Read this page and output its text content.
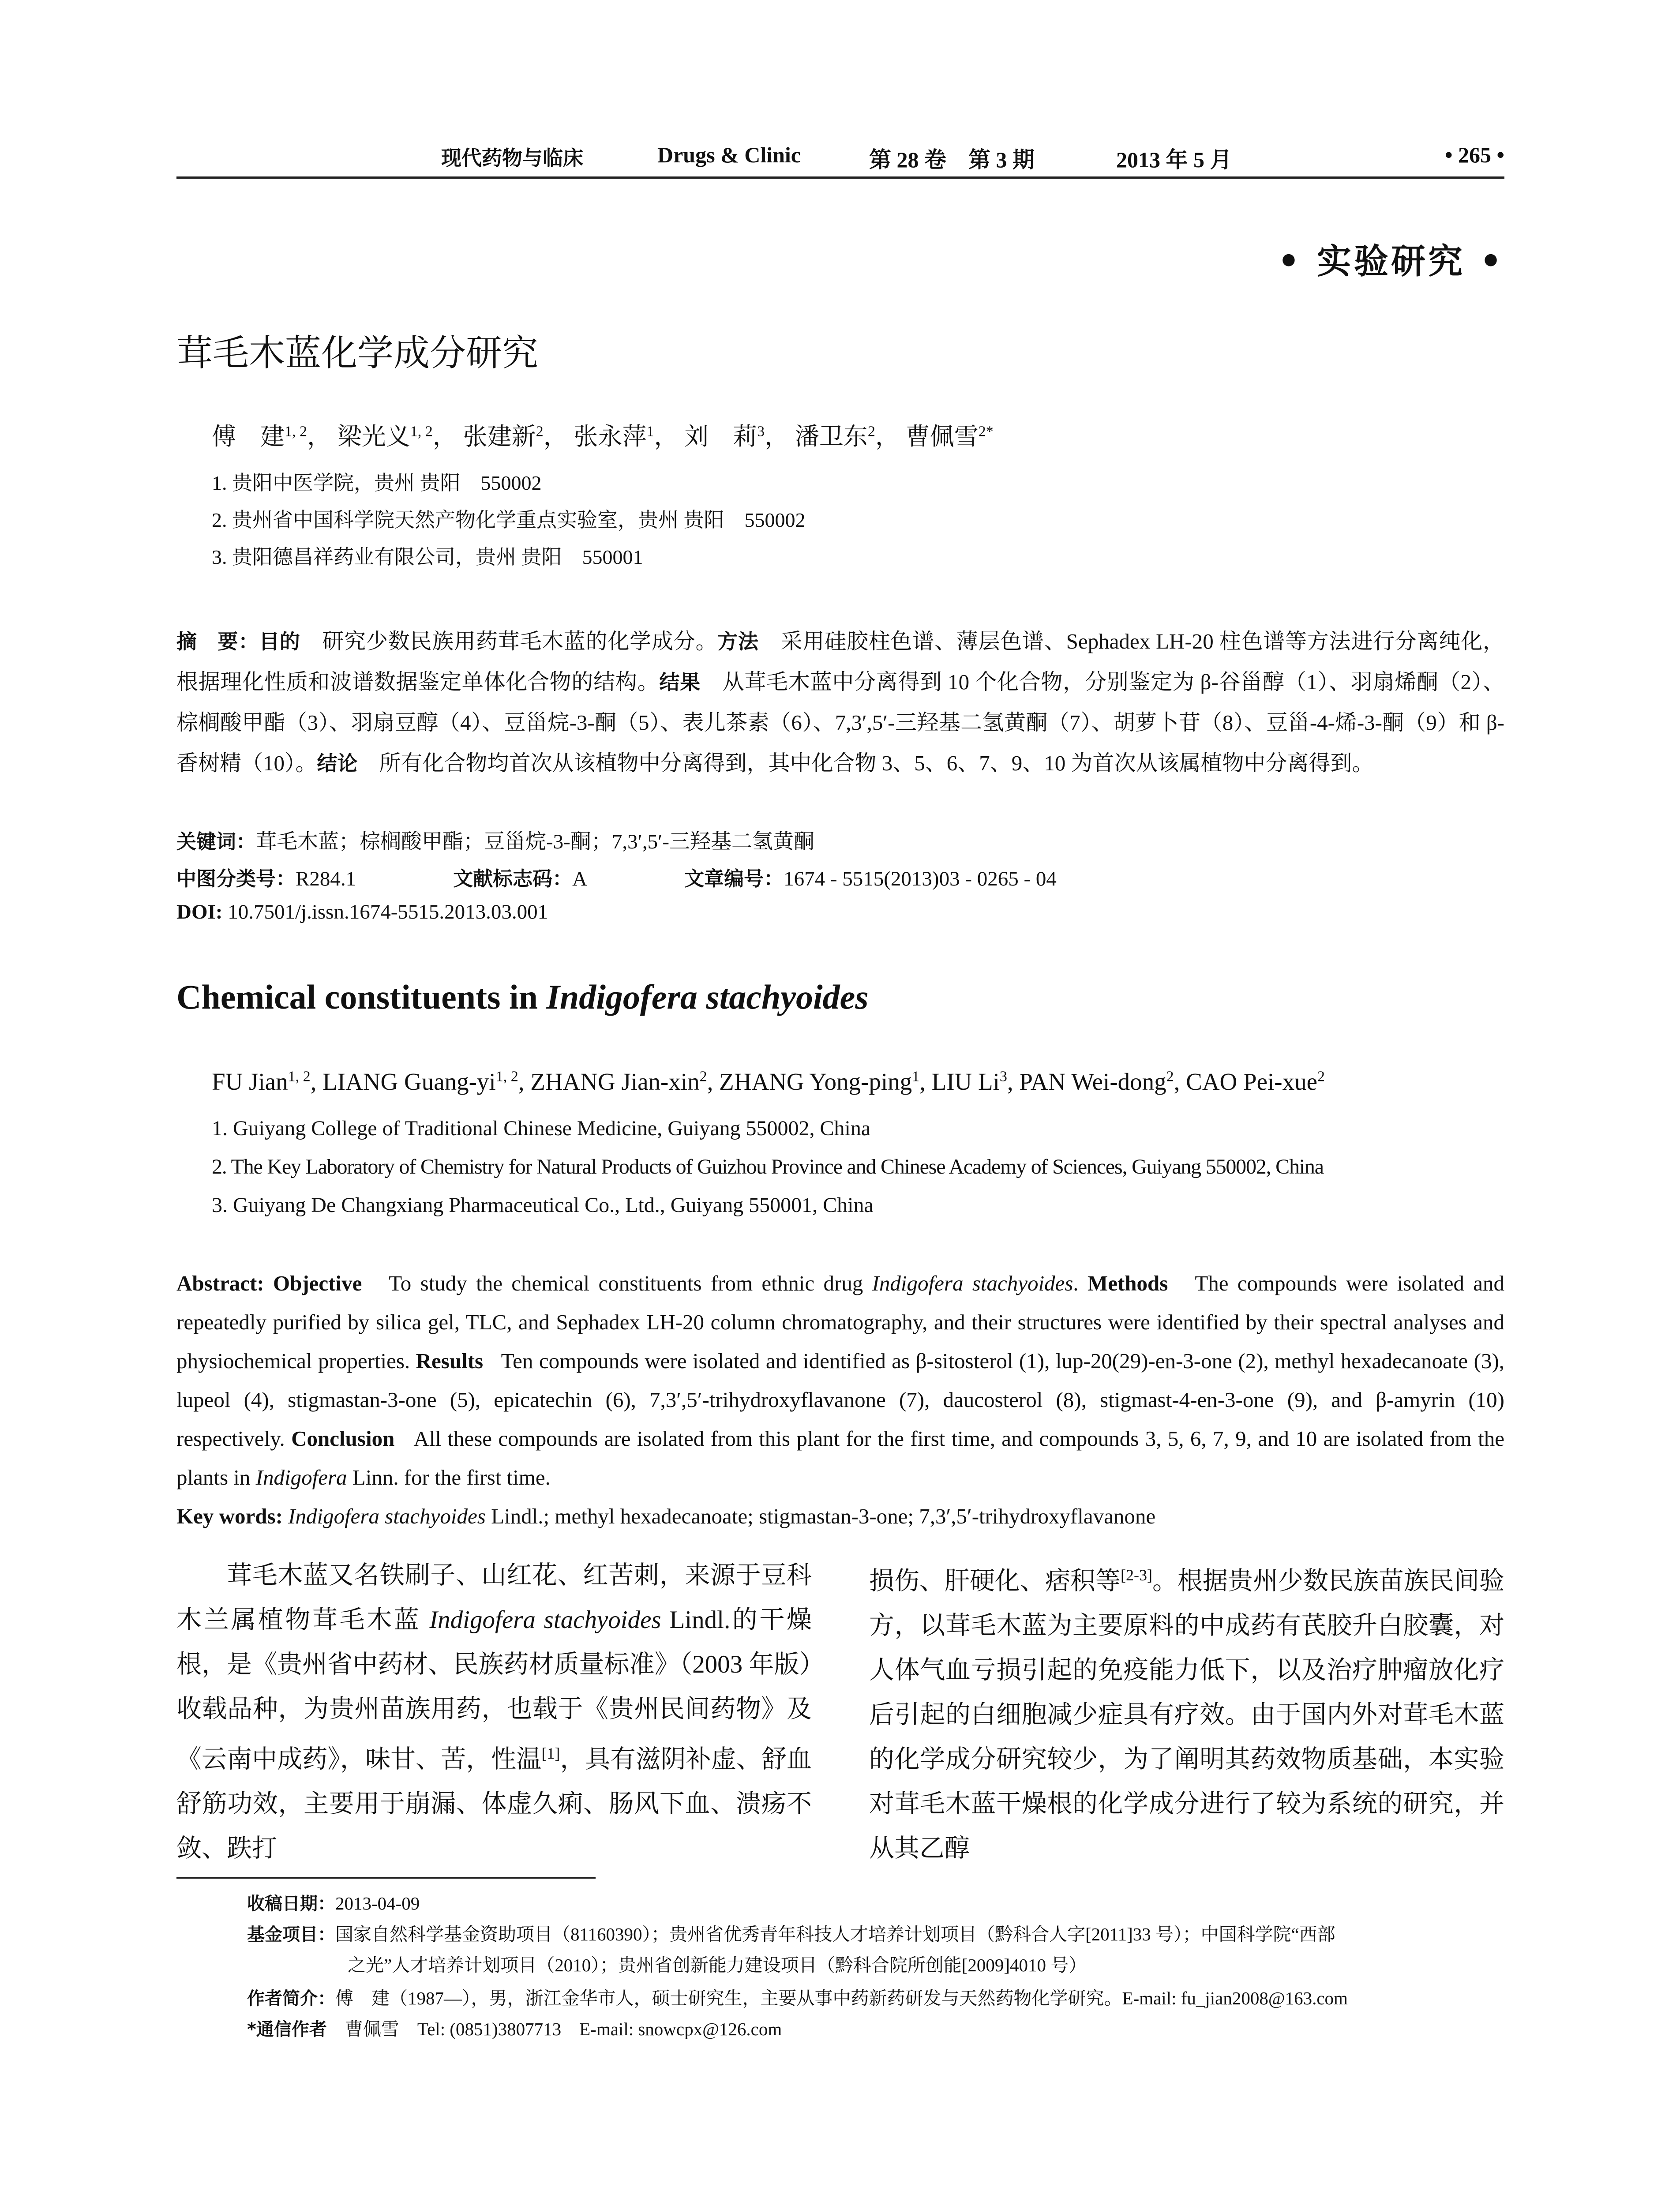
现代药物与临床	Drugs & Clinic	第 28 卷　第 3 期	2013 年 5 月	• 265 •
• 实验研究 •
茸毛木蓝化学成分研究
傅　建$^{1, 2}$， 梁光义$^{1, 2}$， 张建新$^2$， 张永萍$^1$， 刘　莉$^3$， 潘卫东$^2$， 曹佩雪$^{2*}$
1. 贵阳中医学院，贵州 贵阳　550002
2. 贵州省中国科学院天然产物化学重点实验室，贵州 贵阳　550002
3. 贵阳德昌祥药业有限公司，贵州 贵阳　550001
摘　要：目的　 研究少数民族用药茸毛木蓝的化学成分。方法　 采用硅胶柱色谱、薄层色谱、Sephadex LH-20 柱色谱等方法进行分离纯化，根据理化性质和波谱数据鉴定单体化合物的结构。结果　 从茸毛木蓝中分离得到 10 个化合物，分别鉴定为 β-谷甾醇（1）、羽扇烯酮（2）、棕榈酸甲酯（3）、羽扇豆醇（4）、豆甾烷-3-酮（5）、表儿茶素（6）、7,3′,5′-三羟基二氢黄酮（7）、胡萝卜苷（8）、豆甾-4-烯-3-酮（9）和 β-香树精（10）。结论　 所有化合物均首次从该植物中分离得到，其中化合物 3、5、6、7、9、10 为首次从该属植物中分离得到。
关键词：茸毛木蓝；棕榈酸甲酯；豆甾烷-3-酮；7,3′,5′-三羟基二氢黄酮
中图分类号：R284.1	文献标志码：A	文章编号：1674 - 5515(2013)03 - 0265 - 04
DOI: 10.7501/j.issn.1674-5515.2013.03.001
Chemical constituents in Indigofera stachyoides
FU Jian$^{1, 2}$, LIANG Guang-yi$^{1, 2}$, ZHANG Jian-xin$^2$, ZHANG Yong-ping$^1$, LIU Li$^3$, PAN Wei-dong$^2$, CAO Pei-xue$^2$
1. Guiyang College of Traditional Chinese Medicine, Guiyang 550002, China
2. The Key Laboratory of Chemistry for Natural Products of Guizhou Province and Chinese Academy of Sciences, Guiyang 550002, China
3. Guiyang De Changxiang Pharmaceutical Co., Ltd., Guiyang 550001, China
Abstract: Objective To study the chemical constituents from ethnic drug Indigofera stachyoides. Methods The compounds were isolated and repeatedly purified by silica gel, TLC, and Sephadex LH-20 column chromatography, and their structures were identified by their spectral analyses and physiochemical properties. Results Ten compounds were isolated and identified as β-sitosterol (1), lup-20(29)-en-3-one (2), methyl hexadecanoate (3), lupeol (4), stigmastan-3-one (5), epicatechin (6), 7,3′,5′-trihydroxyflavanone (7), daucosterol (8), stigmast-4-en-3-one (9), and β-amyrin (10) respectively. Conclusion All these compounds are isolated from this plant for the first time, and compounds 3, 5, 6, 7, 9, and 10 are isolated from the plants in Indigofera Linn. for the first time.
Key words: Indigofera stachyoides Lindl.; methyl hexadecanoate; stigmastan-3-one; 7,3′,5′-trihydroxyflavanone

茸毛木蓝又名铁刷子、山红花、红苦刺，来源于豆科木兰属植物茸毛木蓝 Indigofera stachyoides Lindl.的干燥根，是《贵州省中药材、民族药材质量标准》（2003 年版）收载品种，为贵州苗族用药，也载于《贵州民间药物》及《云南中成药》，味甘、苦，性温[1]，具有滋阴补虚、舒血舒筋功效，主要用于崩漏、体虚久痢、肠风下血、溃疡不敛、跌打

损伤、肝硬化、痞积等[2-3]。根据贵州少数民族苗族民间验方，以茸毛木蓝为主要原料的中成药有芪胶升白胶囊，对人体气血亏损引起的免疫能力低下，以及治疗肿瘤放化疗后引起的白细胞减少症具有疗效。由于国内外对茸毛木蓝的化学成分研究较少，为了阐明其药效物质基础，本实验对茸毛木蓝干燥根的化学成分进行了较为系统的研究，并从其乙醇

收稿日期：2013-04-09
基金项目：国家自然科学基金资助项目（81160390）；贵州省优秀青年科技人才培养计划项目（黔科合人字[2011]33 号）；中国科学院“西部
之光”人才培养计划项目（2010）；贵州省创新能力建设项目（黔科合院所创能[2009]4010 号）
作者简介：傅　建（1987—），男，浙江金华市人，硕士研究生，主要从事中药新药研发与天然药物化学研究。E-mail: fu_jian2008@163.com
*通信作者　 曹佩雪　Tel: (0851)3807713　E-mail: snowcpx@126.com
